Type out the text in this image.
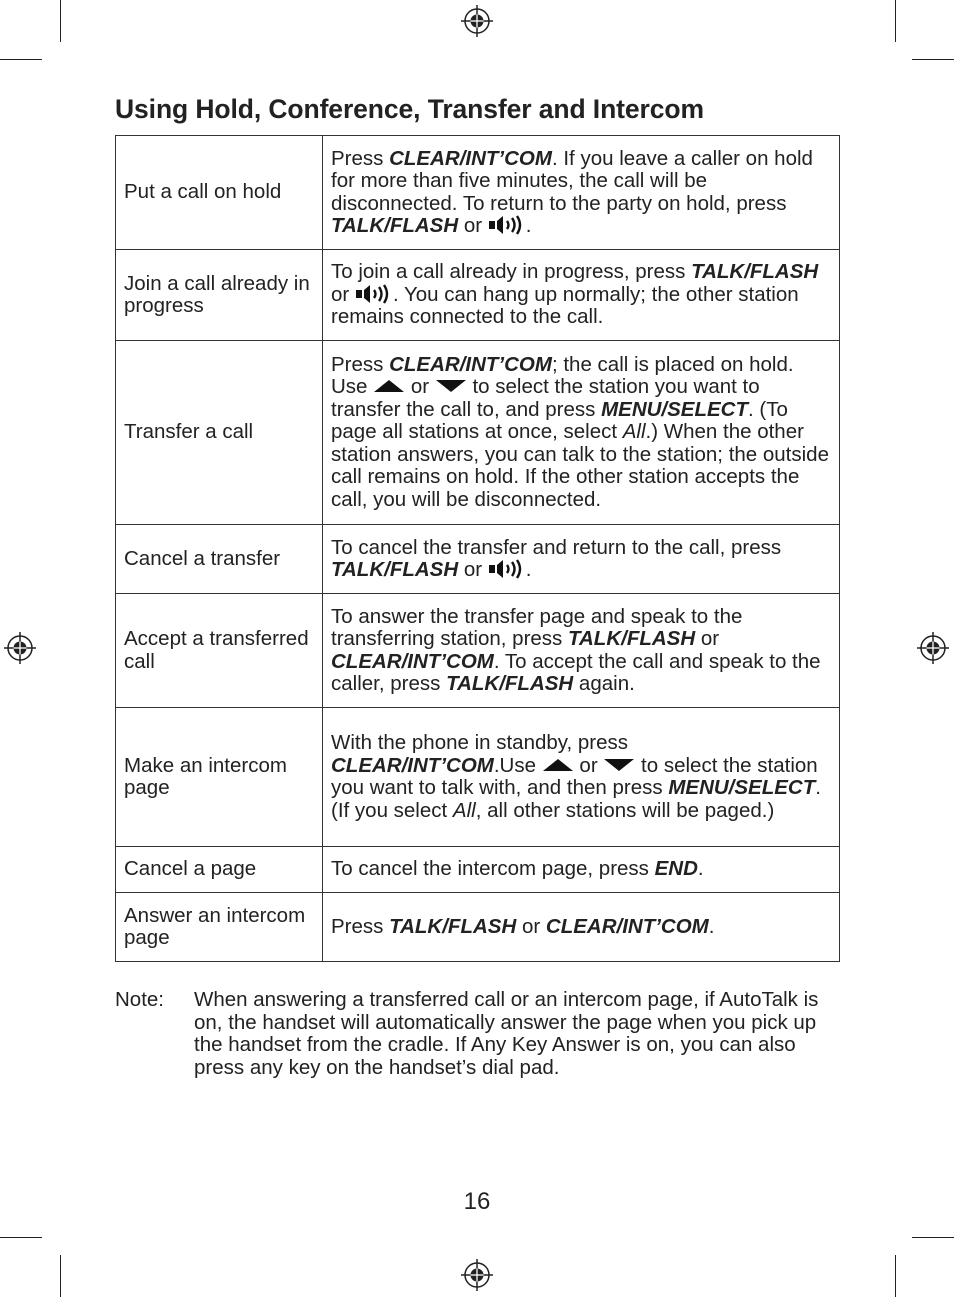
Using Hold, Conference, Transfer and Intercom
Put a call on hold	Press CLEAR/INT’COM. If you leave a caller on hold for more than five minutes, the call will be disconnected. To return to the party on hold, press TALK/FLASH or .
Join a call already in progress	To join a call already in progress, press TALK/FLASH or . You can hang up normally; the other station remains connected to the call.
Transfer a call	Press CLEAR/INT’COM; the call is placed on hold. Use  or  to select the station you want to transfer the call to, and press MENU/SELECT. (To page all stations at once, select All.) When the other station answers, you can talk to the station; the outside call remains on hold. If the other station accepts the call, you will be disconnected.
Cancel a transfer	To cancel the transfer and return to the call, press TALK/FLASH or .
Accept a transferred call	To answer the transfer page and speak to the transferring station, press TALK/FLASH or CLEAR/INT’COM. To accept the call and speak to the caller, press TALK/FLASH again.
Make an intercom page	With the phone in standby, press CLEAR/INT’COM.Use  or  to select the station you want to talk with, and then press MENU/SELECT. (If you select All, all other stations will be paged.)
Cancel a page	To cancel the intercom page, press END.
Answer an intercom page	Press TALK/FLASH or CLEAR/INT’COM.
Note: When answering a transferred call or an intercom page, if AutoTalk is on, the handset will automatically answer the page when you pick up the handset from the cradle. If Any Key Answer is on, you can also press any key on the handset’s dial pad.
16
